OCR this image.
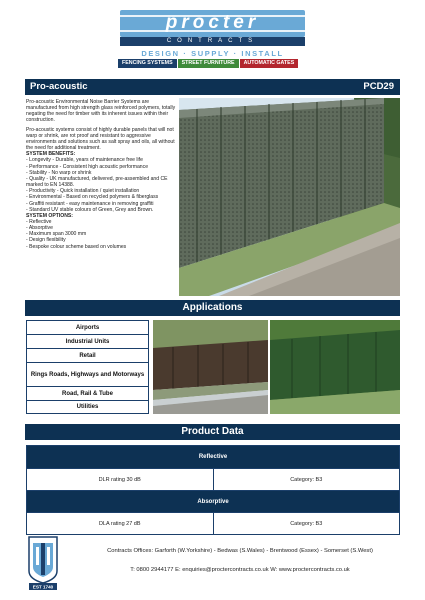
procter
CONTRACTS
DESIGN · SUPPLY · INSTALL
FENCING SYSTEMS	STREET FURNITURE	AUTOMATIC GATES
Pro-acoustic	PCD29

Pro-acoustic Environmental Noise Barrier Systems are manufactured from high strength glass reinforced polymers, totally negating the need for timber with its inherent issues within their construction.

Pro-acoustic systems consist of highly durable panels that will not warp or shrink, are rot proof and resistant to aggressive environments and solutions such as salt spray and oils, all without the need for additional treatment.

SYSTEM BENEFITS:
- Longevity - Durable, years of maintenance free life
- Performance - Consistent high acoustic performance
- Stability - No warp or shrink
- Quality - UK manufactured, delivered, pre-assembled and CE marked to EN 14388.
- Productivity - Quick installation / quiet installation
- Environmental - Based on recycled polymers & fiberglass
- Graffiti resistant - easy maintenance in removing graffiti
- Standard UV stable colours of Green, Grey and Brown.
SYSTEM OPTIONS:
- Reflective
- Absorptive
- Maximum span 3000 mm
- Design flexibility
- Bespoke colour scheme based on volumes
Applications
Airports
Industrial Units
Retail
Rings Roads, Highways and Motorways
Road, Rail & Tube
Utilities
Product Data
Reflective
DLR rating 30 dB	Category: B3
Absorptive
DLA rating 27 dB	Category: B3
EST 1740
Contracts Offices: Garforth (W.Yorkshire) - Bedwas (S.Wales) - Brentwood (Essex) - Somerset (S.West)
T: 0800 2944177 E: enquiries@proctercontracts.co.uk W: www.proctercontracts.co.uk
